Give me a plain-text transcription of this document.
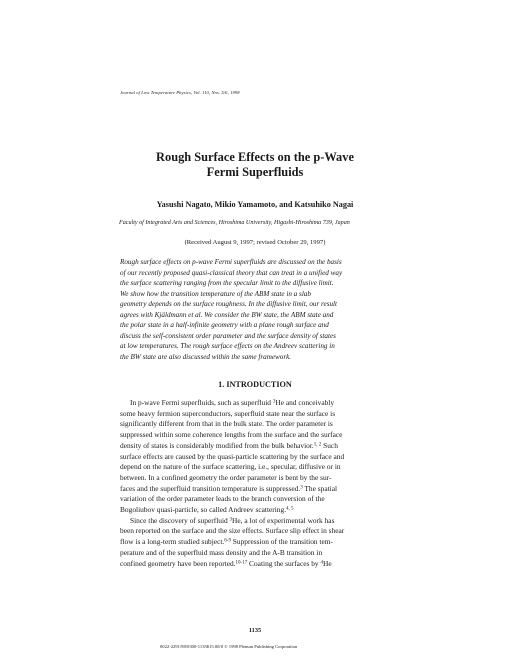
Journal of Low Temperature Physics, Vol. 110, Nos. 5/6, 1998
Rough Surface Effects on the p-Wave
Fermi Superfluids
Yasushi Nagato, Mikio Yamamoto, and Katsuhiko Nagai
Faculty of Integrated Arts and Sciences, Hiroshima University, Higashi-Hiroshima 739, Japan
(Received August 9, 1997; revised October 29, 1997)
Rough surface effects on p-wave Fermi superfluids are discussed on the basis
of our recently proposed quasi-classical theory that can treat in a unified way
the surface scattering ranging from the specular limit to the diffusive limit.
We show how the transition temperature of the ABM state in a slab
geometry depends on the surface roughness. In the diffusive limit, our result
agrees with Kjäldmann et al. We consider the BW state, the ABM state and
the polar state in a half-infinite geometry with a plane rough surface and
discuss the self-consistent order parameter and the surface density of states
at low temperatures. The rough surface effects on the Andreev scattering in
the BW state are also discussed within the same framework.
1. INTRODUCTION
In p-wave Fermi superfluids, such as superfluid $^3$He and conceivably
some heavy fermion superconductors, superfluid state near the surface is
significantly different from that in the bulk state. The order parameter is
suppressed within some coherence lengths from the surface and the surface
density of states is considerably modified from the bulk behavior.$^{1, 2}$ Such
surface effects are caused by the quasi-particle scattering by the surface and
depend on the nature of the surface scattering, i.e., specular, diffusive or in
between. In a confined geometry the order parameter is bent by the sur-
faces and the superfluid transition temperature is suppressed.$^3$ The spatial
variation of the order parameter leads to the branch conversion of the
Bogoliubov quasi-particle, so called Andreev scattering.$^{4, 5}$
Since the discovery of superfluid $^3$He, a lot of experimental work has
been reported on the surface and the size effects. Surface slip effect in shear
flow is a long-term studied subject.$^{6-9}$ Suppression of the transition tem-
perature and of the superfluid mass density and the A-B transition in
confined geometry have been reported.$^{10-17}$ Coating the surfaces by $^4$He
1135
0022-2291/98/0300-1135$15.00/0 © 1998 Plenum Publishing Corporation
